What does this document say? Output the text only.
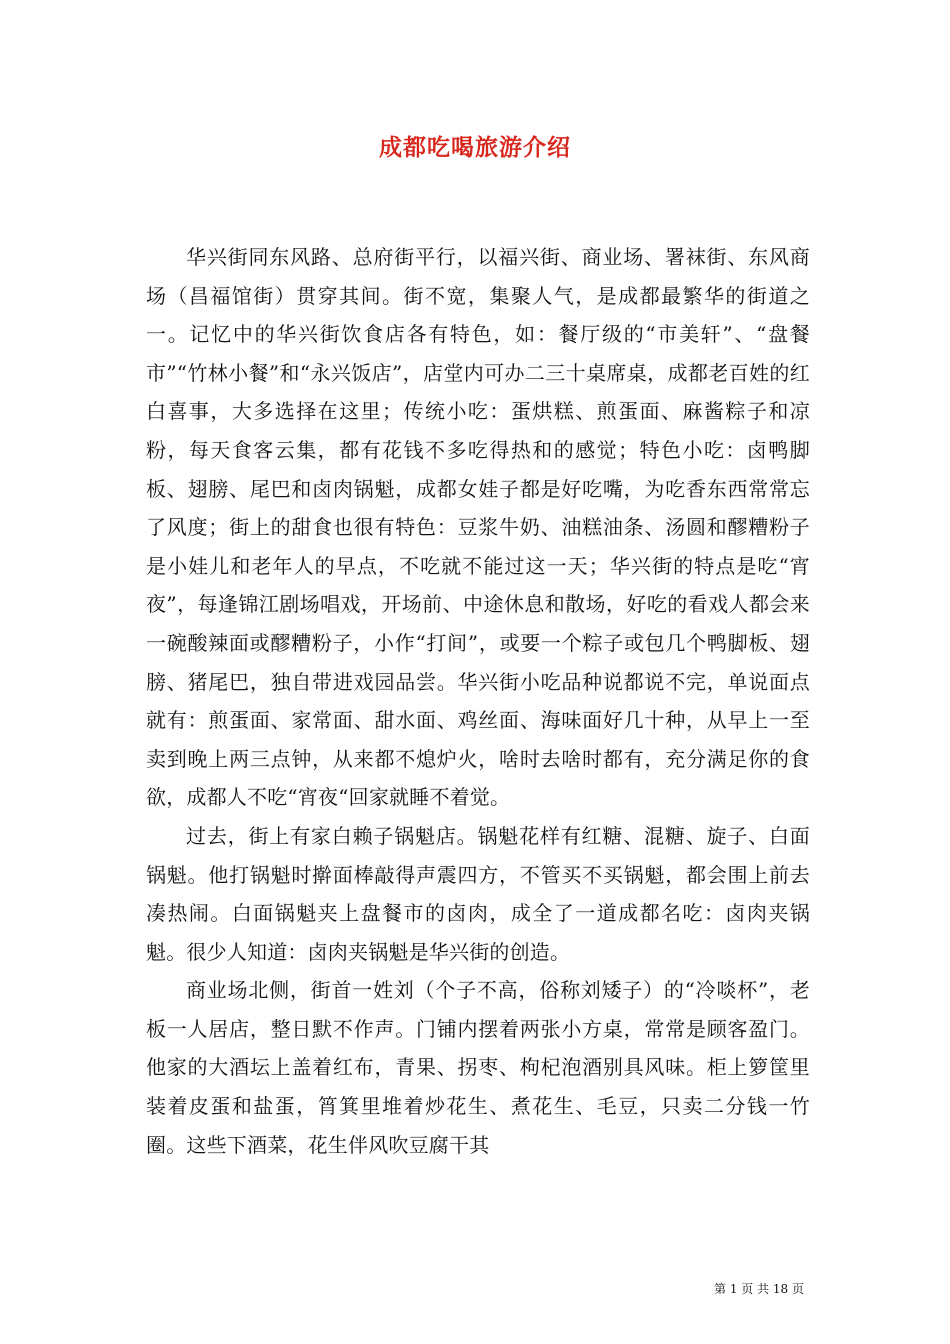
成都吃喝旅游介绍

华兴街同东风路、总府街平行，以福兴街、商业场、署袜街、东风商场（昌福馆街）贯穿其间。街不宽，集聚人气，是成都最繁华的街道之一。记忆中的华兴街饮食店各有特色，如：餐厅级的“市美轩”、“盘餐市”“竹林小餐”和“永兴饭店”，店堂内可办二三十桌席桌，成都老百姓的红白喜事，大多选择在这里；传统小吃：蛋烘糕、煎蛋面、麻酱粽子和凉粉，每天食客云集，都有花钱不多吃得热和的感觉；特色小吃：卤鸭脚板、翅膀、尾巴和卤肉锅魁，成都女娃子都是好吃嘴，为吃香东西常常忘了风度；街上的甜食也很有特色：豆浆牛奶、油糕油条、汤圆和醪糟粉子是小娃儿和老年人的早点，不吃就不能过这一天；华兴街的特点是吃“宵夜”，每逢锦江剧场唱戏，开场前、中途休息和散场，好吃的看戏人都会来一碗酸辣面或醪糟粉子，小作“打间”，或要一个粽子或包几个鸭脚板、翅膀、猪尾巴，独自带进戏园品尝。华兴街小吃品种说都说不完，单说面点就有：煎蛋面、家常面、甜水面、鸡丝面、海味面好几十种，从早上一至卖到晚上两三点钟，从来都不熄炉火，啥时去啥时都有，充分满足你的食欲，成都人不吃“宵夜“回家就睡不着觉。

过去，街上有家白赖子锅魁店。锅魁花样有红糖、混糖、旋子、白面锅魁。他打锅魁时擀面棒敲得声震四方，不管买不买锅魁，都会围上前去凑热闹。白面锅魁夹上盘餐市的卤肉，成全了一道成都名吃：卤肉夹锅魁。很少人知道：卤肉夹锅魁是华兴街的创造。

商业场北侧，街首一姓刘（个子不高，俗称刘矮子）的“冷啖杯”，老板一人居店，整日默不作声。门铺内摆着两张小方桌，常常是顾客盈门。他家的大酒坛上盖着红布，青果、拐枣、枸杞泡酒别具风味。柜上箩筐里装着皮蛋和盐蛋，筲箕里堆着炒花生、煮花生、毛豆，只卖二分钱一竹圈。这些下酒菜，花生伴风吹豆腐干其

第 1 页 共 18 页
